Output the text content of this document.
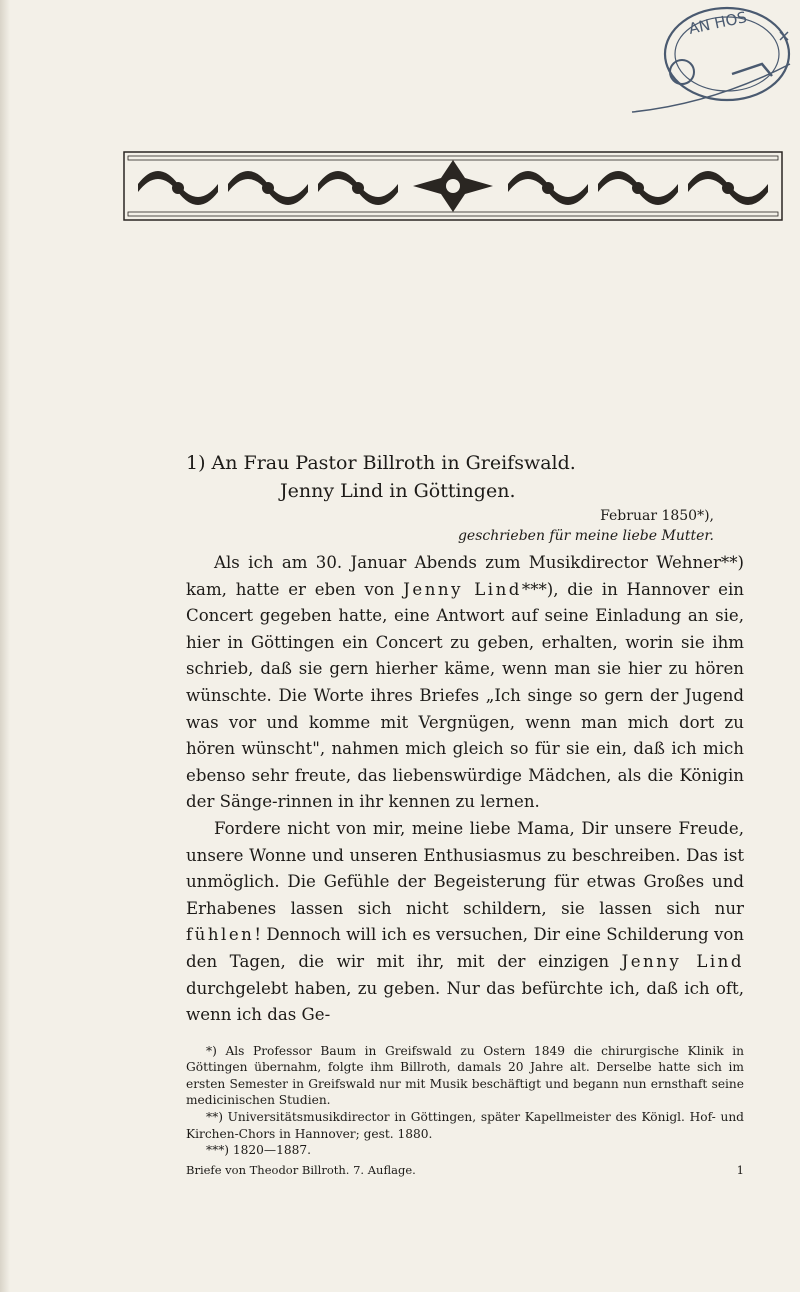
AN HOS
1) An Frau Pastor Billroth in Greifswald.
Jenny Lind in Göttingen.
Februar 1850*),
geschrieben für meine liebe Mutter.

Als ich am 30. Januar Abends zum Musikdirector Wehner**) kam, hatte er eben von Jenny Lind***), die in Hannover ein Concert gegeben hatte, eine Antwort auf seine Einladung an sie, hier in Göttingen ein Concert zu geben, erhalten, worin sie ihm schrieb, daß sie gern hierher käme, wenn man sie hier zu hören wünschte. Die Worte ihres Briefes „Ich singe so gern der Jugend was vor und komme mit Vergnügen, wenn man mich dort zu hören wünscht", nahmen mich gleich so für sie ein, daß ich mich ebenso sehr freute, das liebenswürdige Mädchen, als die Königin der Sänge-rinnen in ihr kennen zu lernen.

Fordere nicht von mir, meine liebe Mama, Dir unsere Freude, unsere Wonne und unseren Enthusiasmus zu beschreiben. Das ist unmöglich. Die Gefühle der Begeisterung für etwas Großes und Erhabenes lassen sich nicht schildern, sie lassen sich nur fühlen! Dennoch will ich es versuchen, Dir eine Schilderung von den Tagen, die wir mit ihr, mit der einzigen Jenny Lind durchgelebt haben, zu geben. Nur das befürchte ich, daß ich oft, wenn ich das Ge-

*) Als Professor Baum in Greifswald zu Ostern 1849 die chirurgische Klinik in Göttingen übernahm, folgte ihm Billroth, damals 20 Jahre alt. Derselbe hatte sich im ersten Semester in Greifswald nur mit Musik beschäftigt und begann nun ernsthaft seine medicinischen Studien.

**) Universitätsmusikdirector in Göttingen, später Kapellmeister des Königl. Hof- und Kirchen-Chors in Hannover; gest. 1880.

***) 1820—1887.

Briefe von Theodor Billroth. 7. Auflage.	1
